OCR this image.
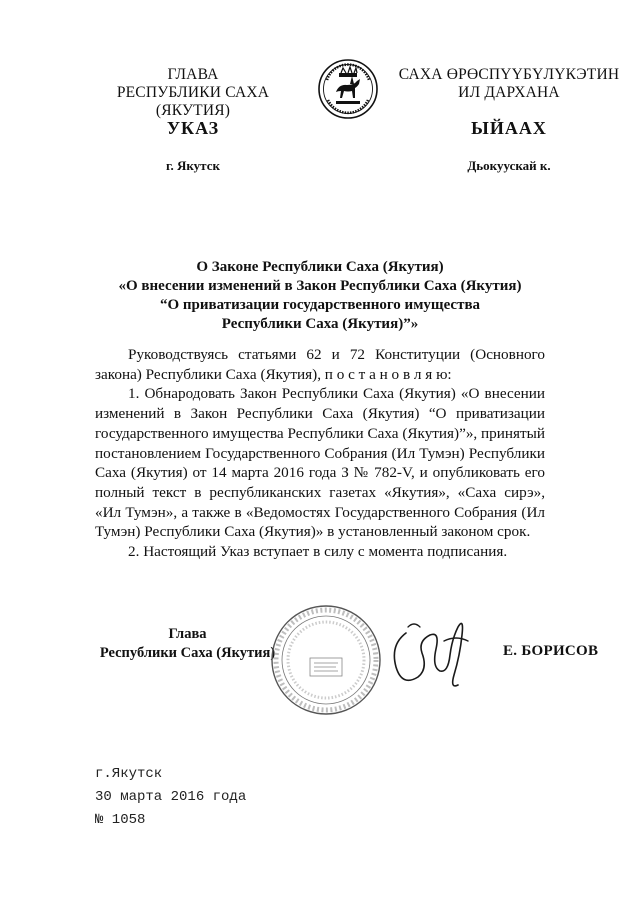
ГЛАВА
РЕСПУБЛИКИ САХА (ЯКУТИЯ)
САХА ӨРӨСПҮҮБҮЛҮКЭТИН
ИЛ ДАРХАНА
УКАЗ	ЫЙААХ
г. Якутск	Дьокуускай к.
О Законе Республики Саха (Якутия)
«О внесении изменений в Закон Республики Саха (Якутия)
“О приватизации государственного имущества
Республики Саха (Якутия)”»

Руководствуясь статьями 62 и 72 Конституции (Основного закона) Республики Саха (Якутия), п о с т а н о в л я ю:

1. Обнародовать Закон Республики Саха (Якутия) «О внесении изменений в Закон Республики Саха (Якутия) “О приватизации государственного имущества Республики Саха (Якутия)”», принятый постановлением Государственного Собрания (Ил Тумэн) Республики Саха (Якутия) от 14 марта 2016 года З № 782-V, и опубликовать его полный текст в республиканских газетах «Якутия», «Саха сирэ», «Ил Тумэн», а также в «Ведомостях Государственного Собрания (Ил Тумэн) Республики Саха (Якутия)» в установленный законом срок.

2. Настоящий Указ вступает в силу с момента подписания.

Глава
Республики Саха (Якутия)	Е. БОРИСОВ
г.Якутск
30 марта 2016 года
№ 1058
